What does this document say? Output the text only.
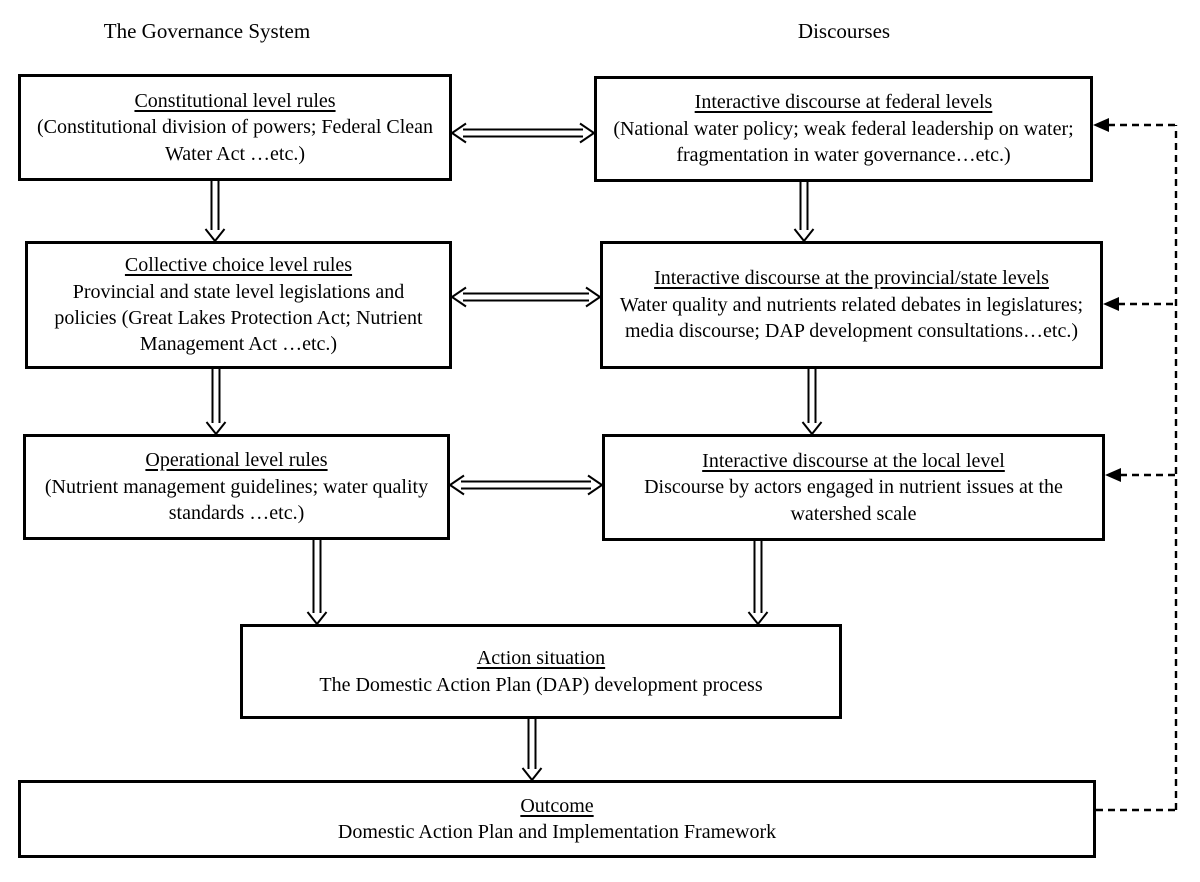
The Governance System	Discourses
Constitutional level rules
(Constitutional division of powers; Federal Clean Water Act …etc.)
Collective choice level rules
Provincial and state level legislations and policies (Great Lakes Protection Act; Nutrient Management Act …etc.)
Operational level rules
(Nutrient management guidelines; water quality standards …etc.)
Interactive discourse at federal levels
(National water policy; weak federal leadership on water; fragmentation in water governance…etc.)
Interactive discourse at the provincial/state levels
Water quality and nutrients related debates in legislatures; media discourse; DAP development consultations…etc.)
Interactive discourse at the local level
Discourse by actors engaged in nutrient issues at the watershed scale
Action situation
The Domestic Action Plan (DAP) development process
Outcome
Domestic Action Plan and Implementation Framework
